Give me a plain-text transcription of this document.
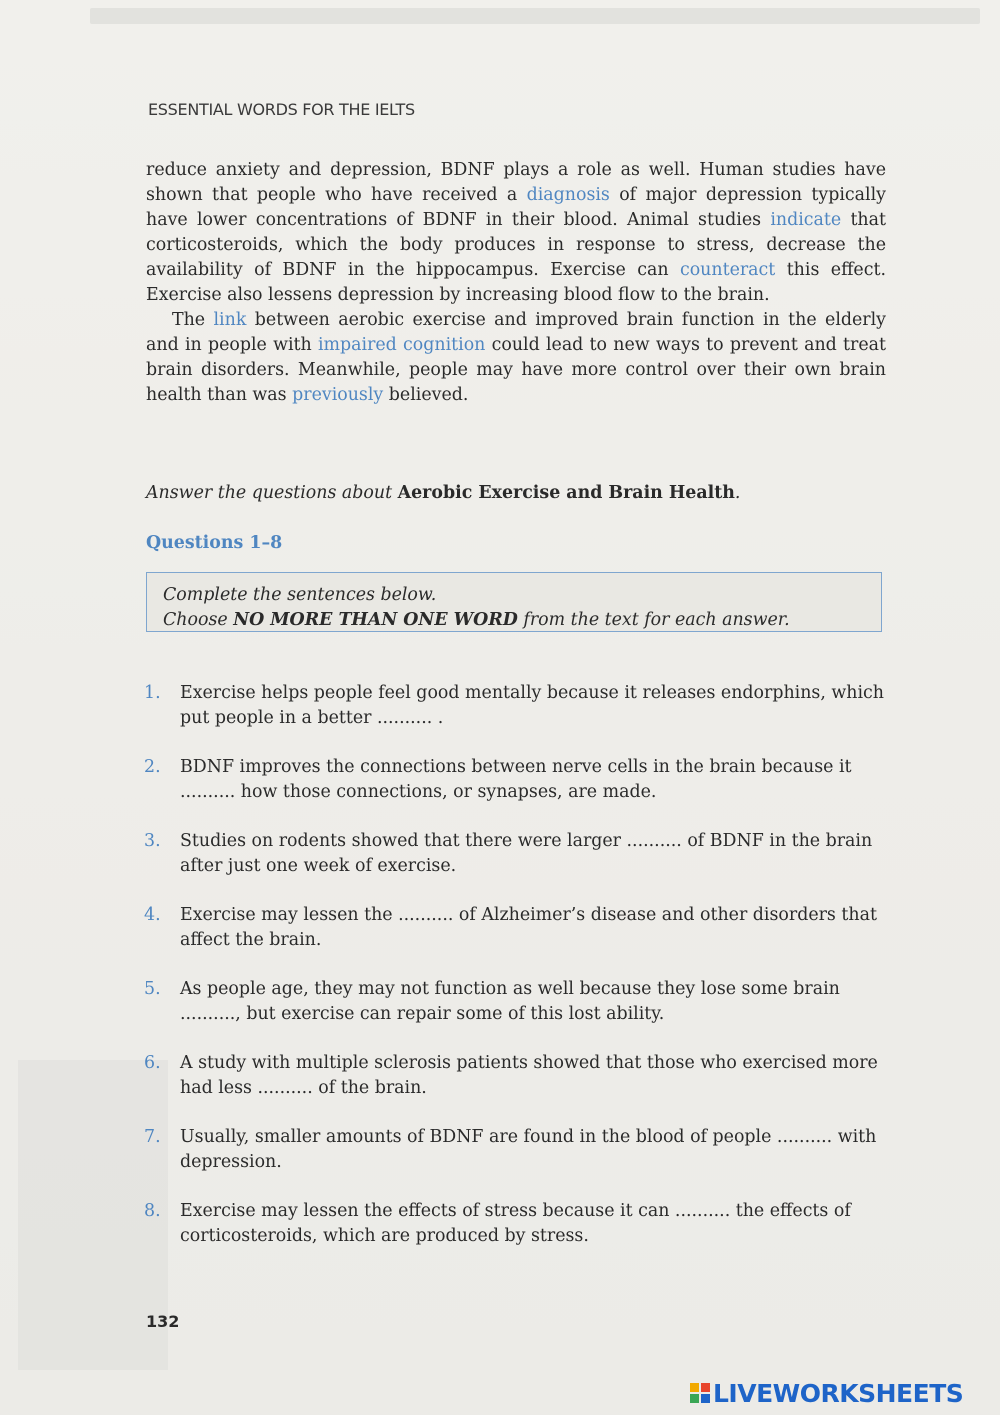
ESSENTIAL WORDS FOR THE IELTS

reduce anxiety and depression, BDNF plays a role as well. Human studies have shown that people who have received a diagnosis of major depression typically have lower concentrations of BDNF in their blood. Animal studies indicate that corticosteroids, which the body produces in response to stress, decrease the availability of BDNF in the hippocampus. Exercise can counteract this effect. Exercise also lessens depression by increasing blood flow to the brain.

The link between aerobic exercise and improved brain function in the elderly and in people with impaired cognition could lead to new ways to prevent and treat brain disorders. Meanwhile, people may have more control over their own brain health than was previously believed.

Answer the questions about Aerobic Exercise and Brain Health.
Questions 1–8
Complete the sentences below.
Choose NO MORE THAN ONE WORD from the text for each answer.
1. Exercise helps people feel good mentally because it releases endorphins, which put people in a better .......... .
2. BDNF improves the connections between nerve cells in the brain because it .......... how those connections, or synapses, are made.
3. Studies on rodents showed that there were larger .......... of BDNF in the brain after just one week of exercise.
4. Exercise may lessen the .......... of Alzheimer’s disease and other disorders that affect the brain.
5. As people age, they may not function as well because they lose some brain .........., but exercise can repair some of this lost ability.
6. A study with multiple sclerosis patients showed that those who exercised more had less .......... of the brain.
7. Usually, smaller amounts of BDNF are found in the blood of people .......... with depression.
8. Exercise may lessen the effects of stress because it can .......... the effects of corticosteroids, which are produced by stress.
132
LIVEWORKSHEETS
